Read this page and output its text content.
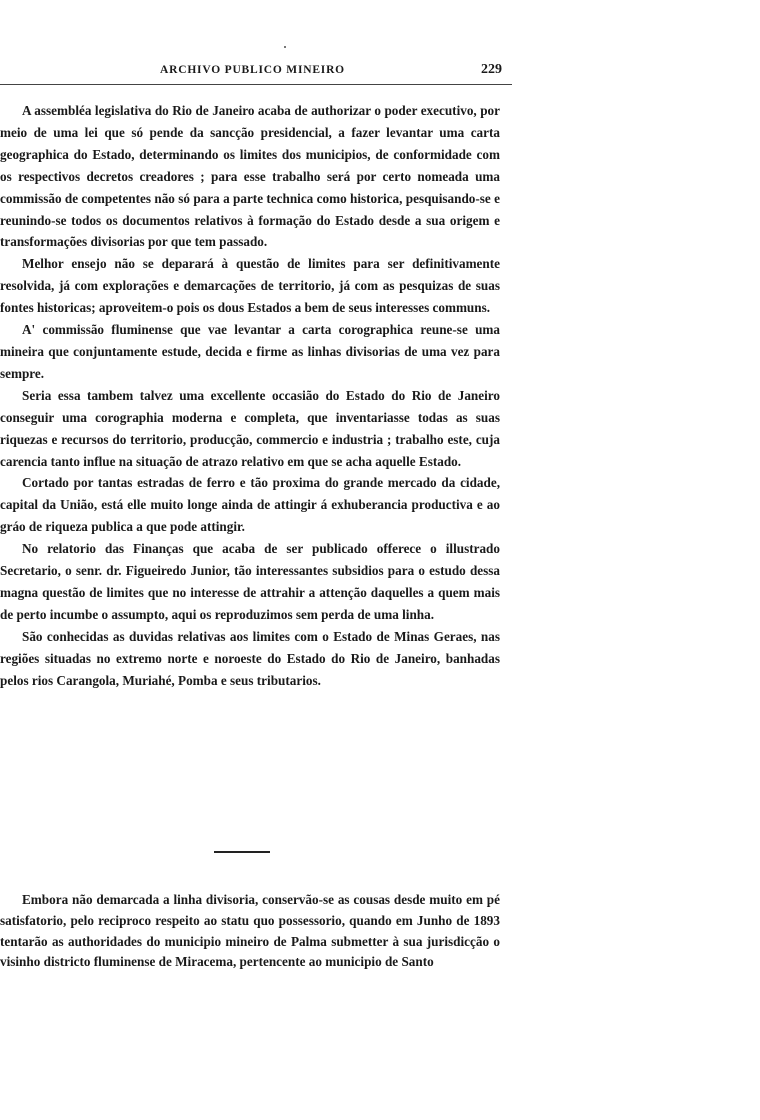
ARCHIVO PUBLICO MINEIRO	229

A assembléa legislativa do Rio de Janeiro acaba de authorizar o poder executivo, por meio de uma lei que só pende da sancção presidencial, a fazer levantar uma carta geographica do Estado, determinando os limites dos municipios, de conformidade com os respectivos decretos creadores ; para esse trabalho será por certo nomeada uma commissão de competentes não só para a parte technica como historica, pesquisando-se e reunindo-se todos os documentos relativos à formação do Estado desde a sua origem e transformações divisorias por que tem passado.

Melhor ensejo não se deparará à questão de limites para ser definitivamente resolvida, já com explorações e demarcações de territorio, já com as pesquizas de suas fontes historicas; aproveitem-o pois os dous Estados a bem de seus interesses communs.

A' commissão fluminense que vae levantar a carta corographica reune-se uma mineira que conjuntamente estude, decida e firme as linhas divisorias de uma vez para sempre.

Seria essa tambem talvez uma excellente occasião do Estado do Rio de Janeiro conseguir uma corographia moderna e completa, que inventariasse todas as suas riquezas e recursos do territorio, producção, commercio e industria ; trabalho este, cuja carencia tanto influe na situação de atrazo relativo em que se acha aquelle Estado.

Cortado por tantas estradas de ferro e tão proxima do grande mercado da cidade, capital da União, está elle muito longe ainda de attingir á exhuberancia productiva e ao gráo de riqueza publica a que pode attingir.

No relatorio das Finanças que acaba de ser publicado offerece o illustrado Secretario, o senr. dr. Figueiredo Junior, tão interessantes subsidios para o estudo dessa magna questão de limites que no interesse de attrahir a attenção daquelles a quem mais de perto incumbe o assumpto, aqui os reproduzimos sem perda de uma linha.

São conhecidas as duvidas relativas aos limites com o Estado de Minas Geraes, nas regiões situadas no extremo norte e noroeste do Estado do Rio de Janeiro, banhadas pelos rios Carangola, Muriahé, Pomba e seus tributarios.

Embora não demarcada a linha divisoria, conservão-se as cousas desde muito em pé satisfatorio, pelo reciproco respeito ao statu quo possessorio, quando em Junho de 1893 tentarão as authoridades do municipio mineiro de Palma submetter à sua jurisdicção o visinho districto fluminense de Miracema, pertencente ao municipio de Santo
